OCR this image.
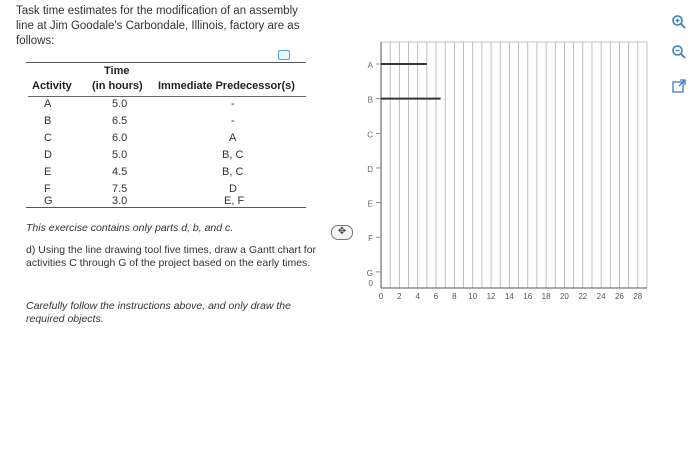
Task time estimates for the modification of an assembly line at Jim Goodale's Carbondale, Illinois, factory are as follows:
Time
Activity (in hours) Immediate Predecessor(s)
A	5.0	-
B	6.5	-
C	6.0	A
D	5.0	B, C
E	4.5	B, C
F	7.5	D
G	3.0	E, F
This exercise contains only parts d, b, and c.
d) Using the line drawing tool five times, draw a Gantt chart for activities C through G of the project based on the early times.
Carefully follow the instructions above, and only draw the required objects.
✥
A
B
C
D
E
F
G
0
0 2 4 6 8 10 12 14 16 18 20 22 24 26 28
